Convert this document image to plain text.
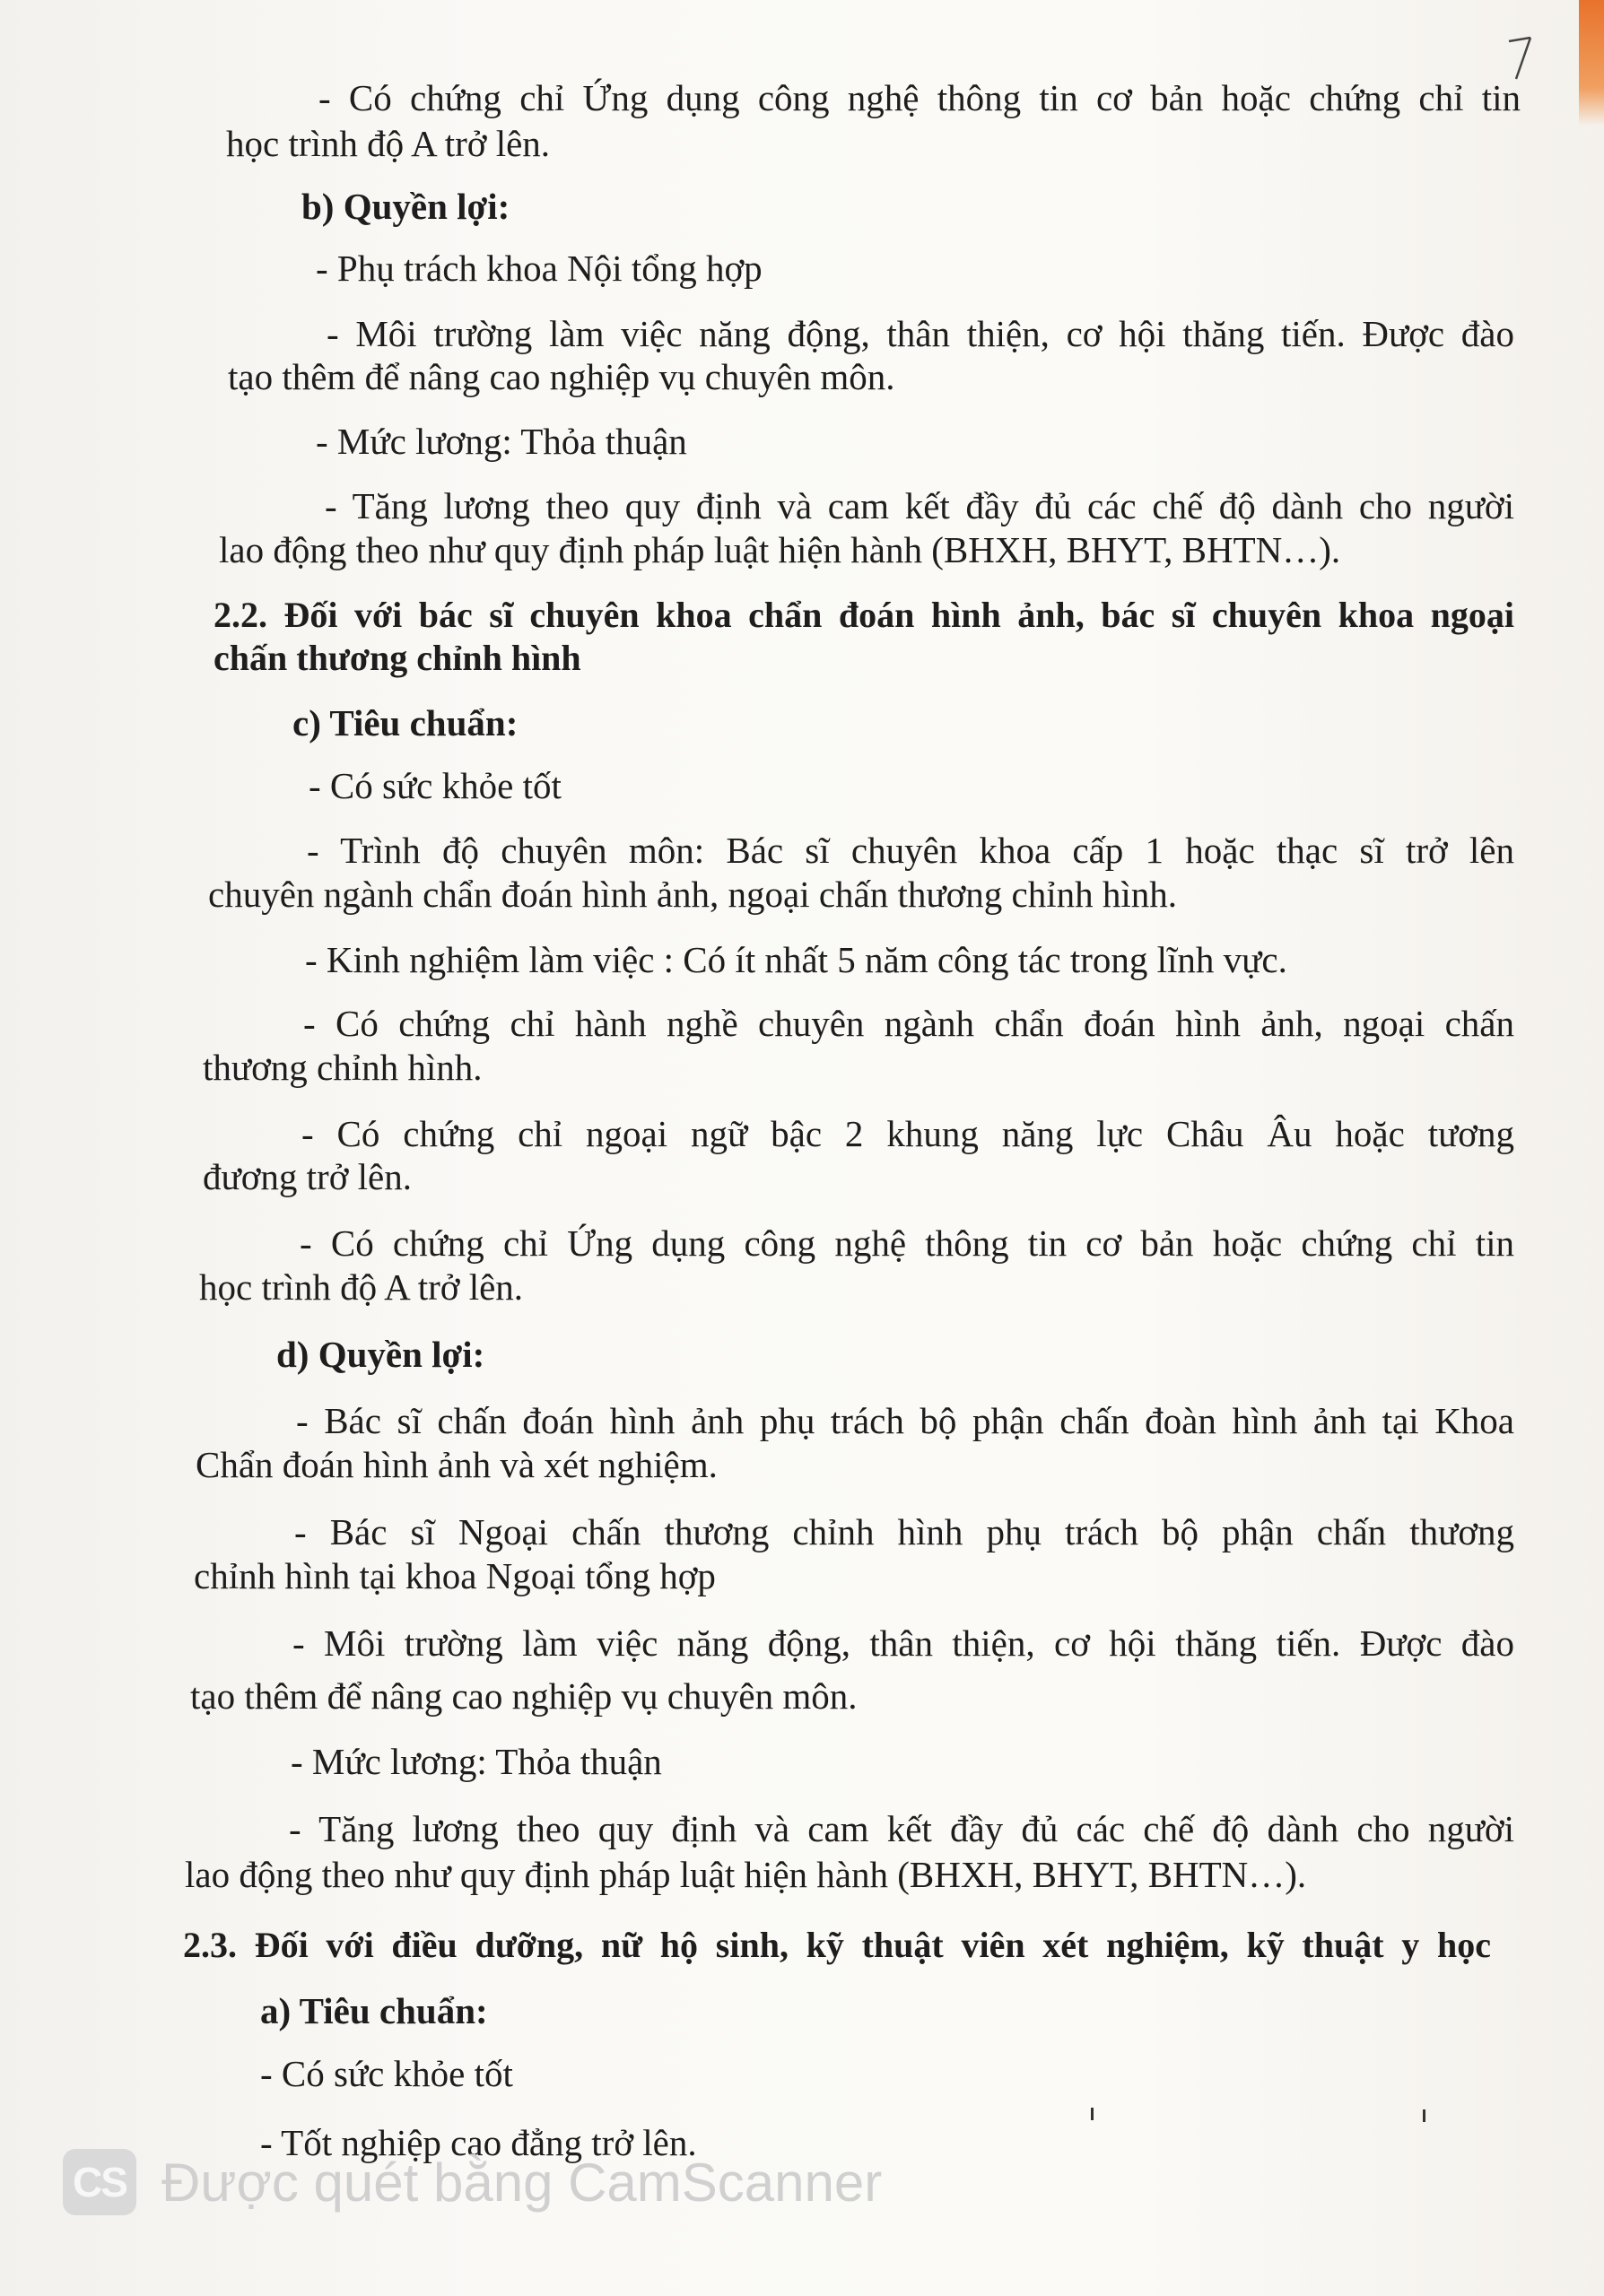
- Có chứng chỉ Ứng dụng công nghệ thông tin cơ bản hoặc chứng chỉ tin
học trình độ A trở lên.
b) Quyền lợi:
- Phụ trách khoa Nội tổng hợp
- Môi trường làm việc năng động, thân thiện, cơ hội thăng tiến. Được đào
tạo thêm để nâng cao nghiệp vụ chuyên môn.
- Mức lương: Thỏa thuận
- Tăng lương theo quy định và cam kết đầy đủ các chế độ dành cho người
lao động theo như quy định pháp luật hiện hành (BHXH, BHYT, BHTN…).
2.2. Đối với bác sĩ chuyên khoa chẩn đoán hình ảnh, bác sĩ chuyên khoa ngoại
chấn thương chỉnh hình
c) Tiêu chuẩn:
- Có sức khỏe tốt
- Trình độ chuyên môn: Bác sĩ chuyên khoa cấp 1 hoặc thạc sĩ trở lên
chuyên ngành chẩn đoán hình ảnh, ngoại chấn thương chỉnh hình.
- Kinh nghiệm làm việc : Có ít nhất 5 năm công tác trong lĩnh vực.
- Có chứng chỉ hành nghề chuyên ngành chẩn đoán hình ảnh, ngoại chấn
thương chỉnh hình.
- Có chứng chỉ ngoại ngữ bậc 2 khung năng lực Châu Âu hoặc tương
đương trở lên.
- Có chứng chỉ Ứng dụng công nghệ thông tin cơ bản hoặc chứng chỉ tin
học trình độ A trở lên.
d) Quyền lợi:
- Bác sĩ chấn đoán hình ảnh phụ trách bộ phận chấn đoàn hình ảnh tại Khoa
Chẩn đoán hình ảnh và xét nghiệm.
- Bác sĩ Ngoại chấn thương chỉnh hình phụ trách bộ phận chấn thương
chỉnh hình tại khoa Ngoại tổng hợp
- Môi trường làm việc năng động, thân thiện, cơ hội thăng tiến. Được đào
tạo thêm để nâng cao nghiệp vụ chuyên môn.
- Mức lương: Thỏa thuận
- Tăng lương theo quy định và cam kết đầy đủ các chế độ dành cho người
lao động theo như quy định pháp luật hiện hành (BHXH, BHYT, BHTN…).
2.3. Đối với điều dưỡng, nữ hộ sinh, kỹ thuật viên xét nghiệm, kỹ thuật y học
a) Tiêu chuẩn:
- Có sức khỏe tốt
- Tốt nghiệp cao đẳng trở lên.
CS Được quét bằng CamScanner
